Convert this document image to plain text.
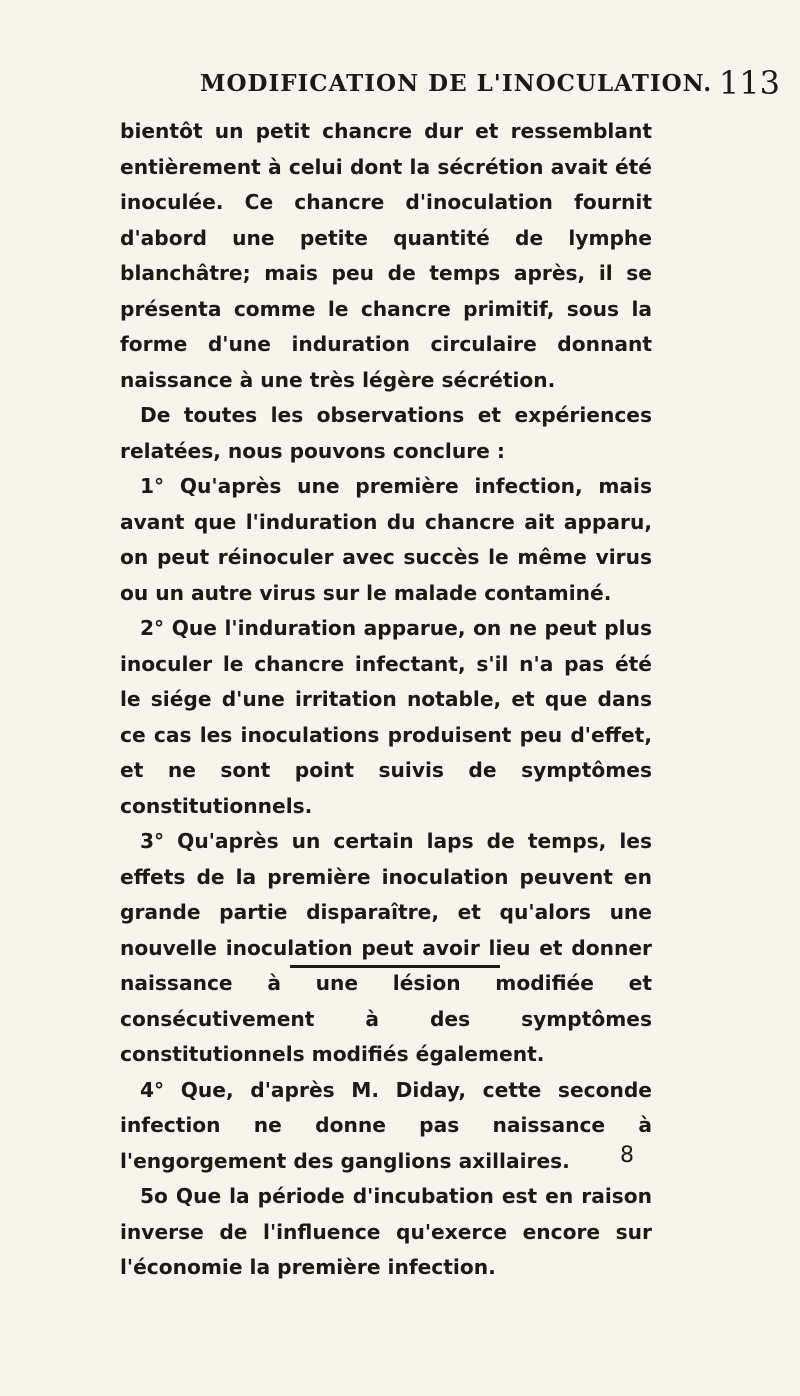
MODIFICATION DE L'INOCULATION. 113

bientôt un petit chancre dur et ressemblant entièrement à celui dont la sécrétion avait été inoculée. Ce chancre d'inoculation fournit d'abord une petite quantité de lymphe blanchâtre; mais peu de temps après, il se présenta comme le chancre primitif, sous la forme d'une induration circulaire donnant naissance à une très légère sécrétion.

De toutes les observations et expériences relatées, nous pouvons conclure :

1° Qu'après une première infection, mais avant que l'induration du chancre ait apparu, on peut réinoculer avec succès le même virus ou un autre virus sur le malade contaminé.

2° Que l'induration apparue, on ne peut plus inoculer le chancre infectant, s'il n'a pas été le siége d'une irritation notable, et que dans ce cas les inoculations produisent peu d'effet, et ne sont point suivis de symptômes constitutionnels.

3° Qu'après un certain laps de temps, les effets de la première inoculation peuvent en grande partie disparaître, et qu'alors une nouvelle inoculation peut avoir lieu et donner naissance à une lésion modifiée et consécutivement à des symptômes constitutionnels modifiés également.

4° Que, d'après M. Diday, cette seconde infection ne donne pas naissance à l'engorgement des ganglions axillaires.

5o Que la période d'incubation est en raison inverse de l'influence qu'exerce encore sur l'économie la première infection.

8
